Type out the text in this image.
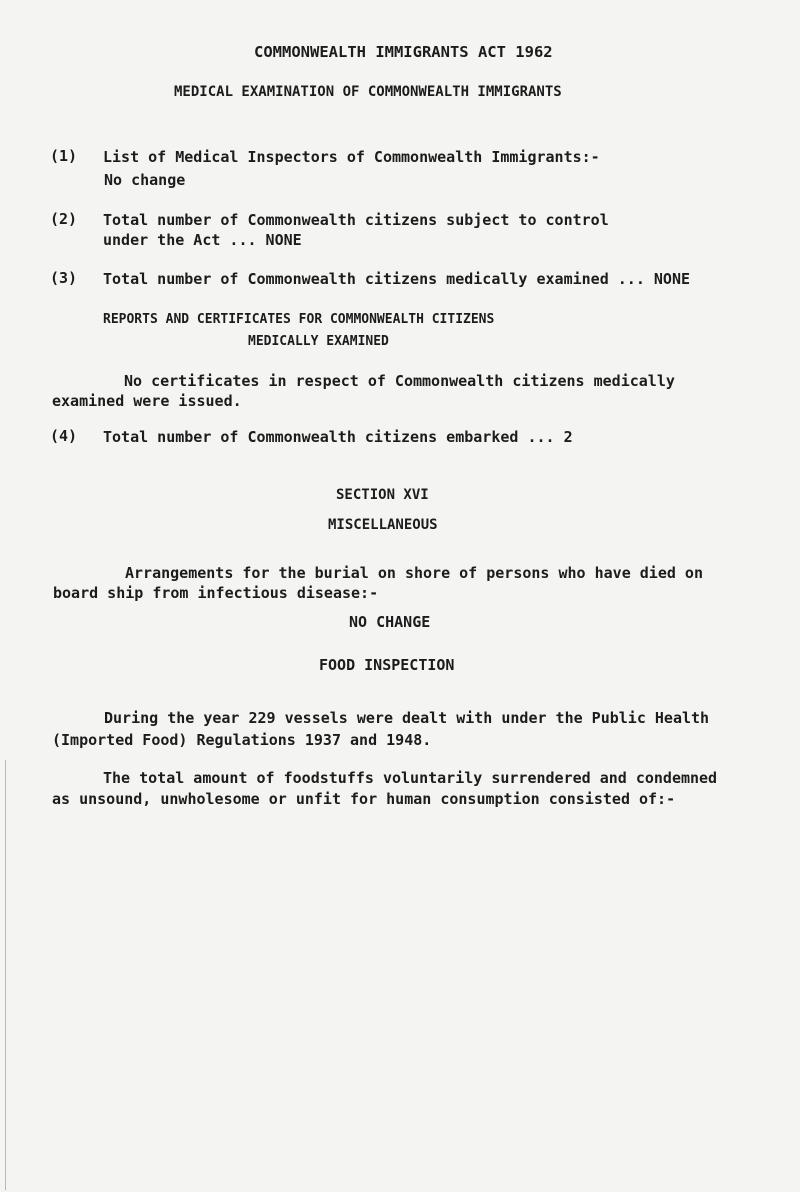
COMMONWEALTH IMMIGRANTS ACT 1962
MEDICAL EXAMINATION OF COMMONWEALTH IMMIGRANTS
(1) List of Medical Inspectors of Commonwealth Immigrants:-
No change
(2) Total number of Commonwealth citizens subject to control
under the Act ... NONE
(3) Total number of Commonwealth citizens medically examined ... NONE
REPORTS AND CERTIFICATES FOR COMMONWEALTH CITIZENS
MEDICALLY EXAMINED
No certificates in respect of Commonwealth citizens medically
examined were issued.
(4) Total number of Commonwealth citizens embarked ... 2
SECTION XVI
MISCELLANEOUS
Arrangements for the burial on shore of persons who have died on
board ship from infectious disease:-
NO CHANGE
FOOD INSPECTION
During the year 229 vessels were dealt with under the Public Health
(Imported Food) Regulations 1937 and 1948.
The total amount of foodstuffs voluntarily surrendered and condemned
as unsound, unwholesome or unfit for human consumption consisted of:-
